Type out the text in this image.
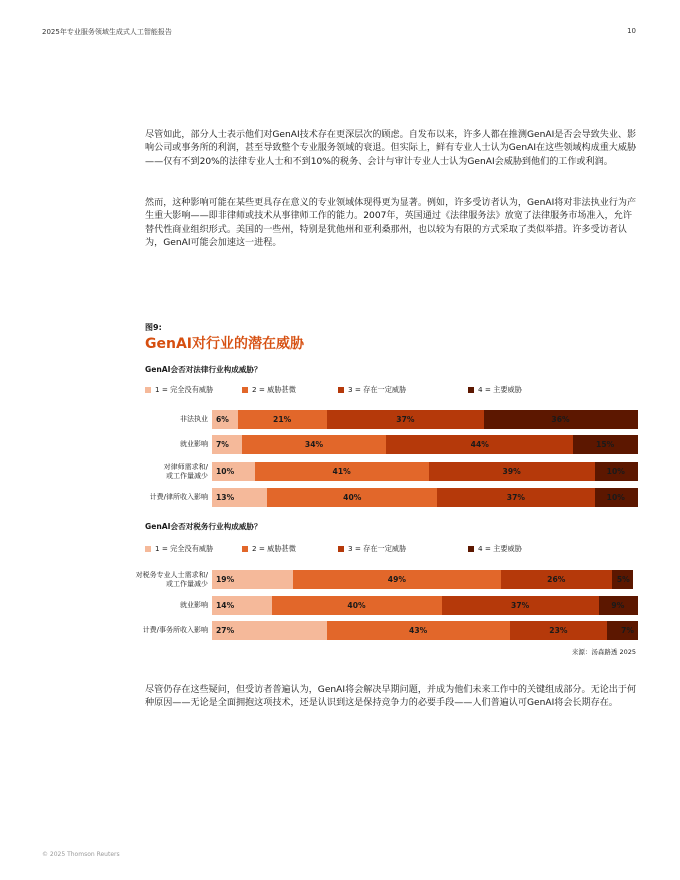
2025年专业服务领域生成式人工智能报告	10

尽管如此，部分人士表示他们对GenAI技术存在更深层次的顾虑。自发布以来，许多人都在推测GenAI是否会导致失业、影响公司或事务所的利润，甚至导致整个专业服务领域的衰退。但实际上，鲜有专业人士认为GenAI在这些领域构成重大威胁——仅有不到20%的法律专业人士和不到10%的税务、会计与审计专业人士认为GenAI会威胁到他们的工作或利润。

然而，这种影响可能在某些更具存在意义的专业领域体现得更为显著。例如，许多受访者认为，GenAI将对非法执业行为产生重大影响——即非律师或技术从事律师工作的能力。2007年，英国通过《法律服务法》放宽了法律服务市场准入，允许替代性商业组织形式。美国的一些州，特别是犹他州和亚利桑那州，也以较为有限的方式采取了类似举措。许多受访者认为，GenAI可能会加速这一进程。

图9:
GenAI对行业的潜在威胁
GenAI会否对法律行业构成威胁？
1 = 完全没有威胁	2 = 威胁甚微	3 = 存在一定威胁	4 = 主要威胁
非法执业 6%	21%	37%	36%
就业影响 7%	34%	44%	15%
对律师需求和/
或工作量减少 10%	41%	39%	10%
计费/律所收入影响 13%	40%	37%	10%
GenAI会否对税务行业构成威胁？
1 = 完全没有威胁	2 = 威胁甚微	3 = 存在一定威胁	4 = 主要威胁
对税务专业人士需求和/
或工作量减少 19%	49%	26%	5%
就业影响 14%	40%	37%	9%
计费/事务所收入影响 27%	43%	23%	7%
来源：汤森路透 2025

尽管仍存在这些疑问，但受访者普遍认为，GenAI将会解决早期问题，并成为他们未来工作中的关键组成部分。无论出于何种原因——无论是全面拥抱这项技术，还是认识到这是保持竞争力的必要手段——人们普遍认可GenAI将会长期存在。

© 2025 Thomson Reuters
